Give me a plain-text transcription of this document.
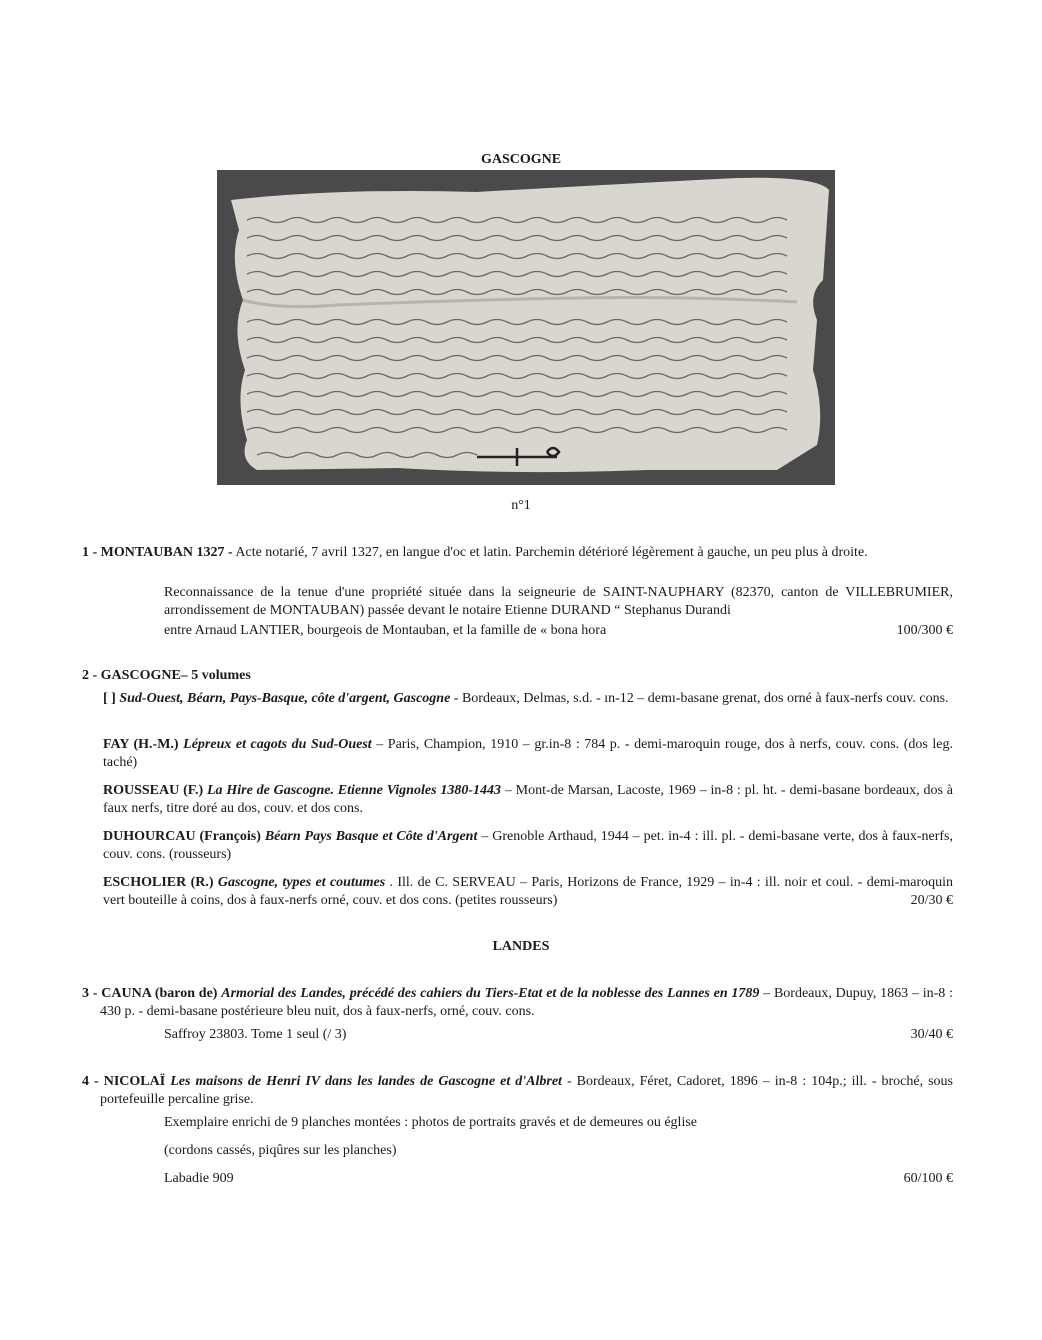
GASCOGNE
n°1
1 - MONTAUBAN 1327 - Acte notarié, 7 avril 1327, en langue d'oc et latin. Parchemin détérioré légèrement à gauche, un peu plus à droite.
Reconnaissance de la tenue d'une propriété située dans la seigneurie de SAINT-NAUPHARY (82370, canton de VILLEBRUMIER, arrondissement de MONTAUBAN) passée devant le notaire Etienne DURAND “ Stephanus Durandi
entre Arnaud LANTIER, bourgeois de Montauban, et la famille de « bona hora	100/300 €
2 - GASCOGNE– 5 volumes
[ ] Sud-Ouest, Béarn, Pays-Basque, côte d'argent, Gascogne - Bordeaux, Delmas, s.d. - ın-12 – demı-basane grenat, dos orné à faux-nerfs couv. cons.
FAY (H.-M.) Lépreux et cagots du Sud-Ouest – Paris, Champion, 1910 – gr.in-8 : 784 p. - demi-maroquin rouge, dos à nerfs, couv. cons. (dos leg. taché)
ROUSSEAU (F.) La Hire de Gascogne. Etienne Vignoles 1380-1443 – Mont-de Marsan, Lacoste, 1969 – in-8 : pl. ht. - demi-basane bordeaux, dos à faux nerfs, titre doré au dos, couv. et dos cons.
DUHOURCAU (François) Béarn Pays Basque et Côte d'Argent – Grenoble Arthaud, 1944 – pet. in-4 : ill. pl. - demi-basane verte, dos à faux-nerfs, couv. cons. (rousseurs)
ESCHOLIER (R.) Gascogne, types et coutumes . Ill. de C. SERVEAU – Paris, Horizons de France, 1929 – in-4 : ill. noir et coul. - demi-maroquin vert bouteille à coins, dos à faux-nerfs orné, couv. et dos cons. (petites rousseurs)	20/30 €
LANDES
3 - CAUNA (baron de) Armorial des Landes, précédé des cahiers du Tiers-Etat et de la noblesse des Lannes en 1789 – Bordeaux, Dupuy, 1863 – in-8 : 430 p. - demi-basane postérieure bleu nuit, dos à faux-nerfs, orné, couv. cons.
Saffroy 23803. Tome 1 seul (/ 3)	30/40 €
4 - NICOLAÏ Les maisons de Henri IV dans les landes de Gascogne et d'Albret - Bordeaux, Féret, Cadoret, 1896 – in-8 : 104p.; ill. - broché, sous portefeuille percaline grise.
Exemplaire enrichi de 9 planches montées : photos de portraits gravés et de demeures ou église
(cordons cassés, piqûres sur les planches)
Labadie 909	60/100 €
